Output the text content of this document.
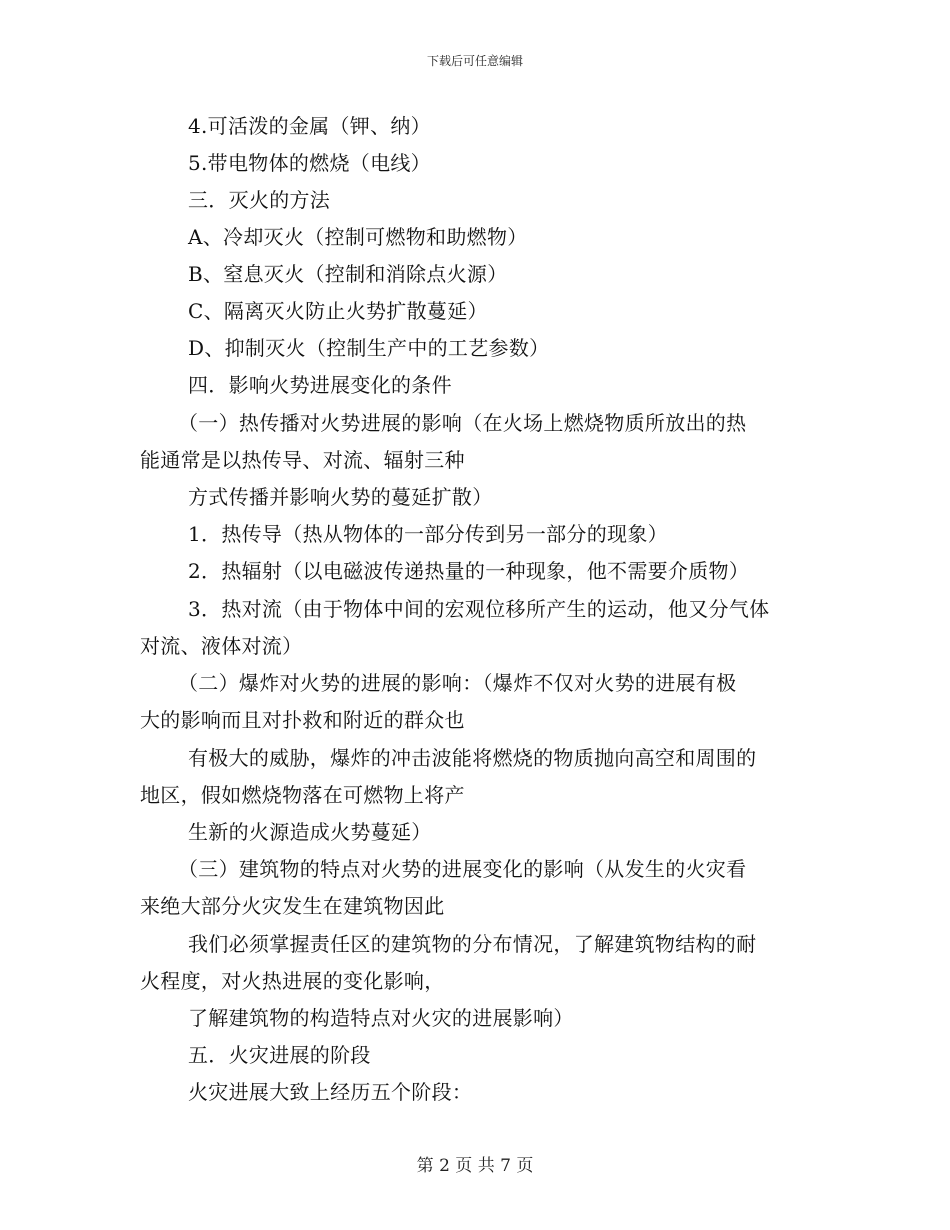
下载后可任意编辑
4.可活泼的金属（钾、纳）
5.带电物体的燃烧（电线）
三．灭火的方法
A、冷却灭火（控制可燃物和助燃物）
B、窒息灭火（控制和消除点火源）
C、隔离灭火防止火势扩散蔓延）
D、抑制灭火（控制生产中的工艺参数）
四．影响火势进展变化的条件
（一）热传播对火势进展的影响（在火场上燃烧物质所放出的热
能通常是以热传导、对流、辐射三种
方式传播并影响火势的蔓延扩散）
1．热传导（热从物体的一部分传到另一部分的现象）
2．热辐射（以电磁波传递热量的一种现象，他不需要介质物）
3．热对流（由于物体中间的宏观位移所产生的运动，他又分气体
对流、液体对流）
（二）爆炸对火势的进展的影响：（爆炸不仅对火势的进展有极
大的影响而且对扑救和附近的群众也
有极大的威胁，爆炸的冲击波能将燃烧的物质抛向高空和周围的
地区，假如燃烧物落在可燃物上将产
生新的火源造成火势蔓延）
（三）建筑物的特点对火势的进展变化的影响（从发生的火灾看
来绝大部分火灾发生在建筑物因此
我们必须掌握责任区的建筑物的分布情况，了解建筑物结构的耐
火程度，对火热进展的变化影响，
了解建筑物的构造特点对火灾的进展影响）
五．火灾进展的阶段
火灾进展大致上经历五个阶段：
第 2 页 共 7 页
